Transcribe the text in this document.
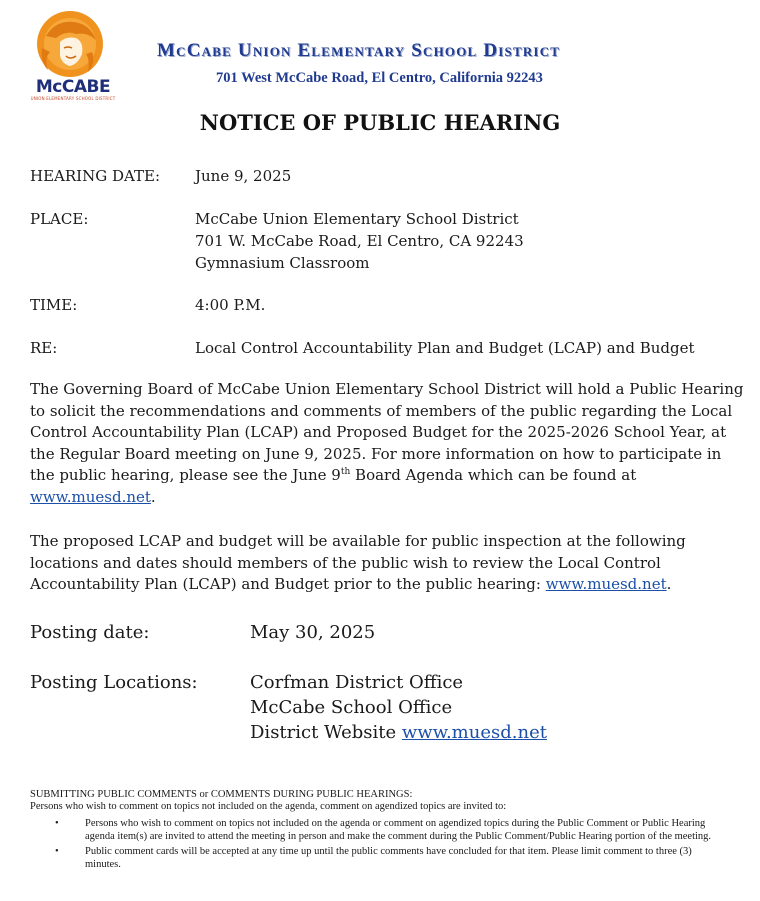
McCABE
UNION ELEMENTARY SCHOOL DISTRICT
McCabe Union Elementary School District
701 West McCabe Road, El Centro, California 92243
NOTICE OF PUBLIC HEARING
HEARING DATE: June 9, 2025
PLACE:	McCabe Union Elementary School District
701 W. McCabe Road, El Centro, CA 92243
Gymnasium Classroom
TIME:	4:00 P.M.
RE:	Local Control Accountability Plan and Budget (LCAP) and Budget

The Governing Board of McCabe Union Elementary School District will hold a Public Hearing to solicit the recommendations and comments of members of the public regarding the Local Control Accountability Plan (LCAP) and Proposed Budget for the 2025-2026 School Year, at the Regular Board meeting on June 9, 2025. For more information on how to participate in the public hearing, please see the June 9th Board Agenda which can be found at www.muesd.net.

The proposed LCAP and budget will be available for public inspection at the following locations and dates should members of the public wish to review the Local Control Accountability Plan (LCAP) and Budget prior to the public hearing: www.muesd.net.

Posting date:	May 30, 2025
Posting Locations:	Corfman District Office
McCabe School Office
District Website www.muesd.net
SUBMITTING PUBLIC COMMENTS or COMMENTS DURING PUBLIC HEARINGS:
Persons who wish to comment on topics not included on the agenda, comment on agendized topics are invited to:
•	Persons who wish to comment on topics not included on the agenda or comment on agendized topics during the Public Comment or Public Hearing agenda item(s) are invited to attend the meeting in person and make the comment during the Public Comment/Public Hearing portion of the meeting.
•	Public comment cards will be accepted at any time up until the public comments have concluded for that item. Please limit comment to three (3) minutes.
